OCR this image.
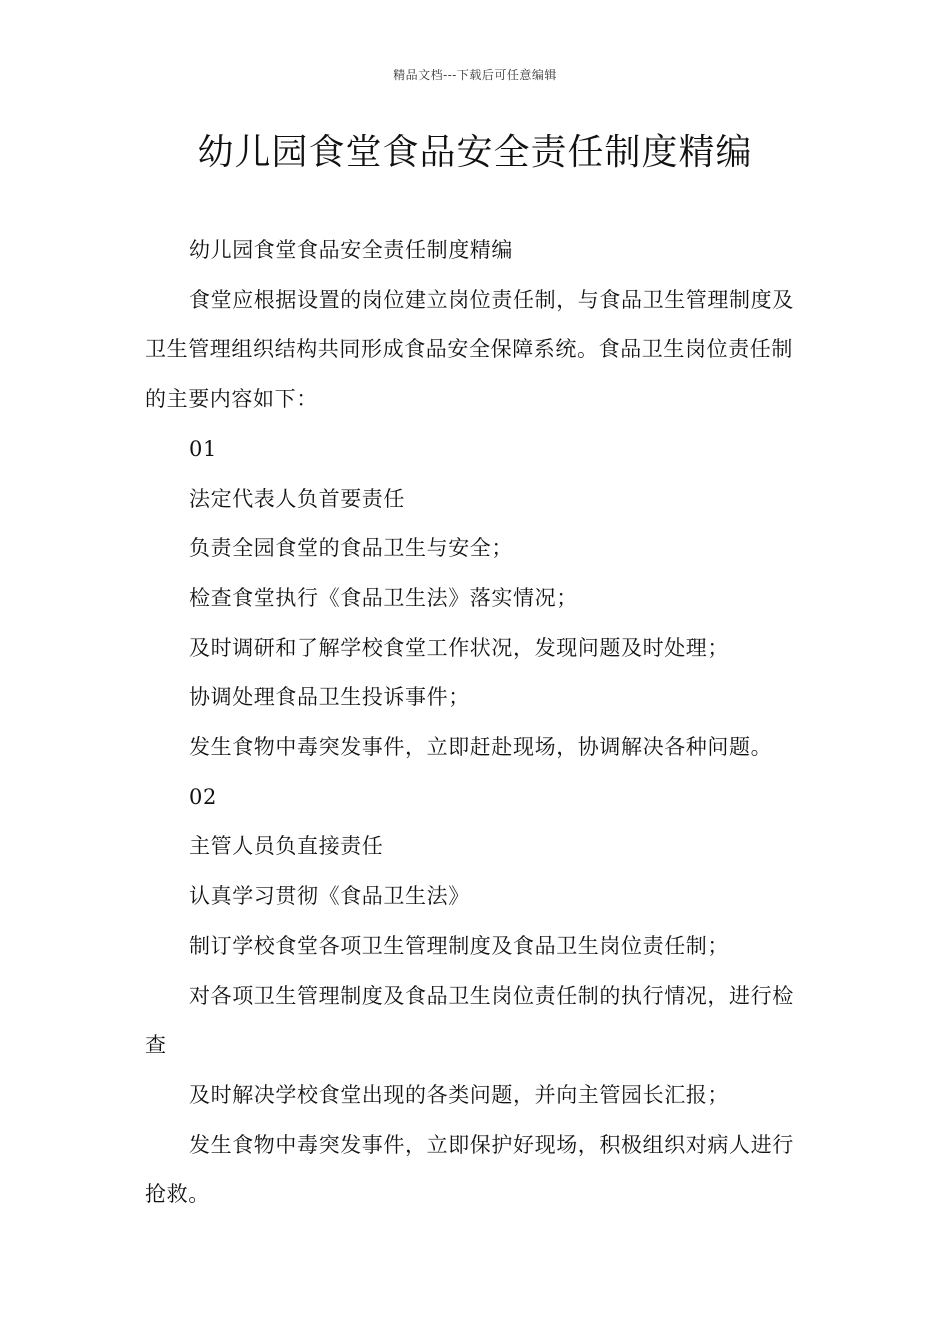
精品文档---下载后可任意编辑
幼儿园食堂食品安全责任制度精编

幼儿园食堂食品安全责任制度精编

食堂应根据设置的岗位建立岗位责任制，与食品卫生管理制度及卫生管理组织结构共同形成食品安全保障系统。食品卫生岗位责任制的主要内容如下：

01

法定代表人负首要责任

负责全园食堂的食品卫生与安全；

检查食堂执行《食品卫生法》落实情况；

及时调研和了解学校食堂工作状况，发现问题及时处理；

协调处理食品卫生投诉事件；

发生食物中毒突发事件，立即赶赴现场，协调解决各种问题。

02

主管人员负直接责任

认真学习贯彻《食品卫生法》

制订学校食堂各项卫生管理制度及食品卫生岗位责任制；

对各项卫生管理制度及食品卫生岗位责任制的执行情况，进行检查

及时解决学校食堂出现的各类问题，并向主管园长汇报；

发生食物中毒突发事件，立即保护好现场，积极组织对病人进行抢救。
